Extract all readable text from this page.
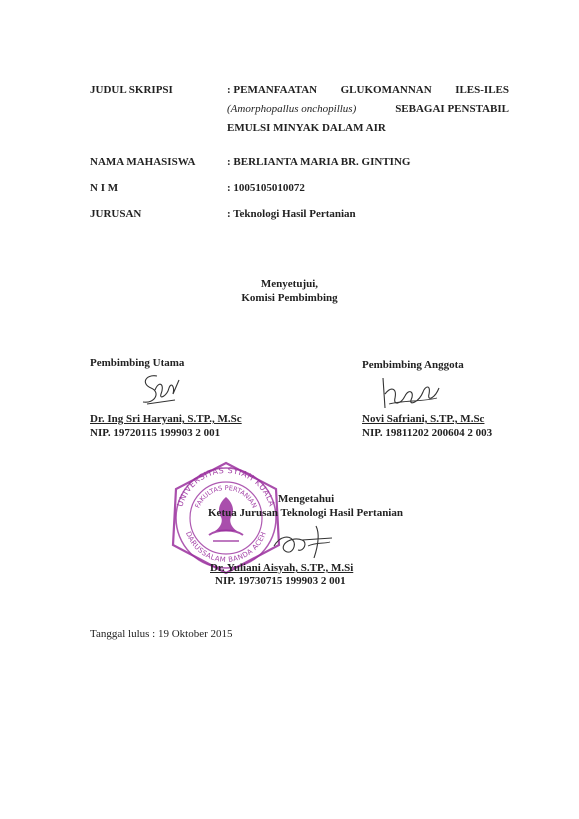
JUDUL SKRIPSI	: PEMANFAATAN GLUKOMANNAN ILES-ILES
(Amorphopallus onchopillus)	SEBAGAI PENSTABIL
EMULSI MINYAK DALAM AIR
NAMA MAHASISWA	: BERLIANTA MARIA BR. GINTING
N I M	: 1005105010072
JURUSAN	: Teknologi Hasil Pertanian
Menyetujui,
Komisi Pembimbing
Pembimbing Utama
Dr. Ing Sri Haryani, S.TP., M.Sc
NIP. 19720115 199903 2 001
Pembimbing Anggota
Novi Safriani, S.TP., M.Sc
NIP. 19811202 200604 2 003
UNIVERSITAS SYIAH KUALA
FAKULTAS PERTANIAN
DARUSSALAM BANDA ACEH
Mengetahui
Ketua Jurusan Teknologi Hasil Pertanian
Dr. Yuliani Aisyah, S.TP., M.Si
NIP. 19730715 199903 2 001
Tanggal lulus : 19 Oktober 2015
